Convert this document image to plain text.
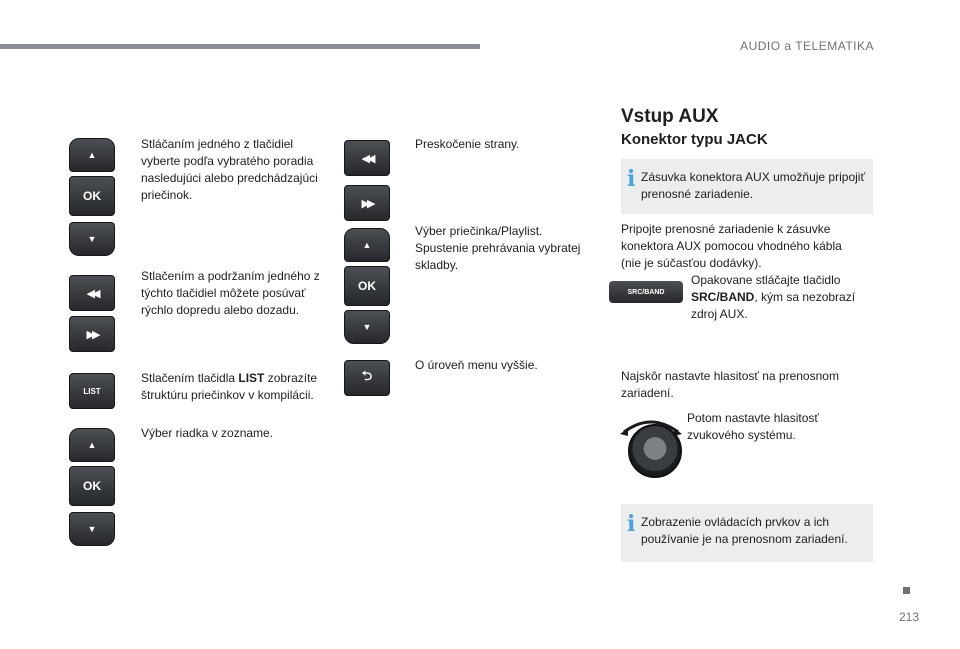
AUDIO a TELEMATIKA
▲
OK
▼
◀◀
▶▶
LIST
▲
OK
▼
Stláčaním jedného z tlačidiel vyberte podľa vybratého poradia nasledujúci alebo predchádzajúci priečinok.
Stlačením a podržaním jedného z týchto tlačidiel môžete posúvať rýchlo dopredu alebo dozadu.
Stlačením tlačidla LIST zobrazíte štruktúru priečinkov v kompilácii.
Výber riadka v zozname.
◀◀
▶▶
▲
OK
▼
⮌
Preskočenie strany.
Výber priečinka/Playlist. Spustenie prehrávania vybratej skladby.
O úroveň menu vyššie.
Vstup AUX
Konektor typu JACK
i Zásuvka konektora AUX umožňuje pripojiť prenosné zariadenie.
Pripojte prenosné zariadenie k zásuvke konektora AUX pomocou vhodného kábla (nie je súčasťou dodávky).
SRC/BAND
Opakovane stláčajte tlačidlo SRC/BAND, kým sa nezobrazí zdroj AUX.
Najskôr nastavte hlasitosť na prenosnom zariadení.
Potom nastavte hlasitosť zvukového systému.
i Zobrazenie ovládacích prvkov a ich používanie je na prenosnom zariadení.
213
